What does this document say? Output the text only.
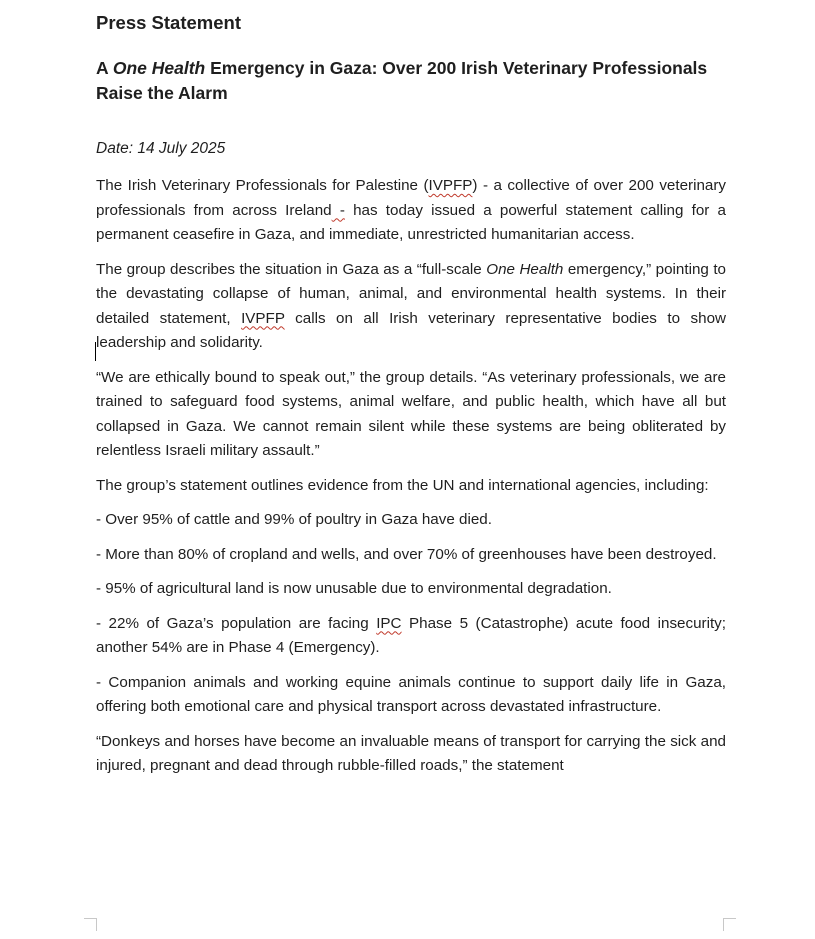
Press Statement
A One Health Emergency in Gaza: Over 200 Irish Veterinary Professionals Raise the Alarm
Date: 14 July 2025

The Irish Veterinary Professionals for Palestine (IVPFP) - a collective of over 200 veterinary professionals from across Ireland - has today issued a powerful statement calling for a permanent ceasefire in Gaza, and immediate, unrestricted humanitarian access.

The group describes the situation in Gaza as a “full-scale One Health emergency,” pointing to the devastating collapse of human, animal, and environmental health systems. In their detailed statement, IVPFP calls on all Irish veterinary representative bodies to show leadership and solidarity.

“We are ethically bound to speak out,” the group details. “As veterinary professionals, we are trained to safeguard food systems, animal welfare, and public health, which have all but collapsed in Gaza. We cannot remain silent while these systems are being obliterated by relentless Israeli military assault.”

The group’s statement outlines evidence from the UN and international agencies, including:

- Over 95% of cattle and 99% of poultry in Gaza have died.

- More than 80% of cropland and wells, and over 70% of greenhouses have been destroyed.

- 95% of agricultural land is now unusable due to environmental degradation.

- 22% of Gaza’s population are facing IPC Phase 5 (Catastrophe) acute food insecurity; another 54% are in Phase 4 (Emergency).

- Companion animals and working equine animals continue to support daily life in Gaza, offering both emotional care and physical transport across devastated infrastructure.

“Donkeys and horses have become an invaluable means of transport for carrying the sick and injured, pregnant and dead through rubble-filled roads,” the statement
